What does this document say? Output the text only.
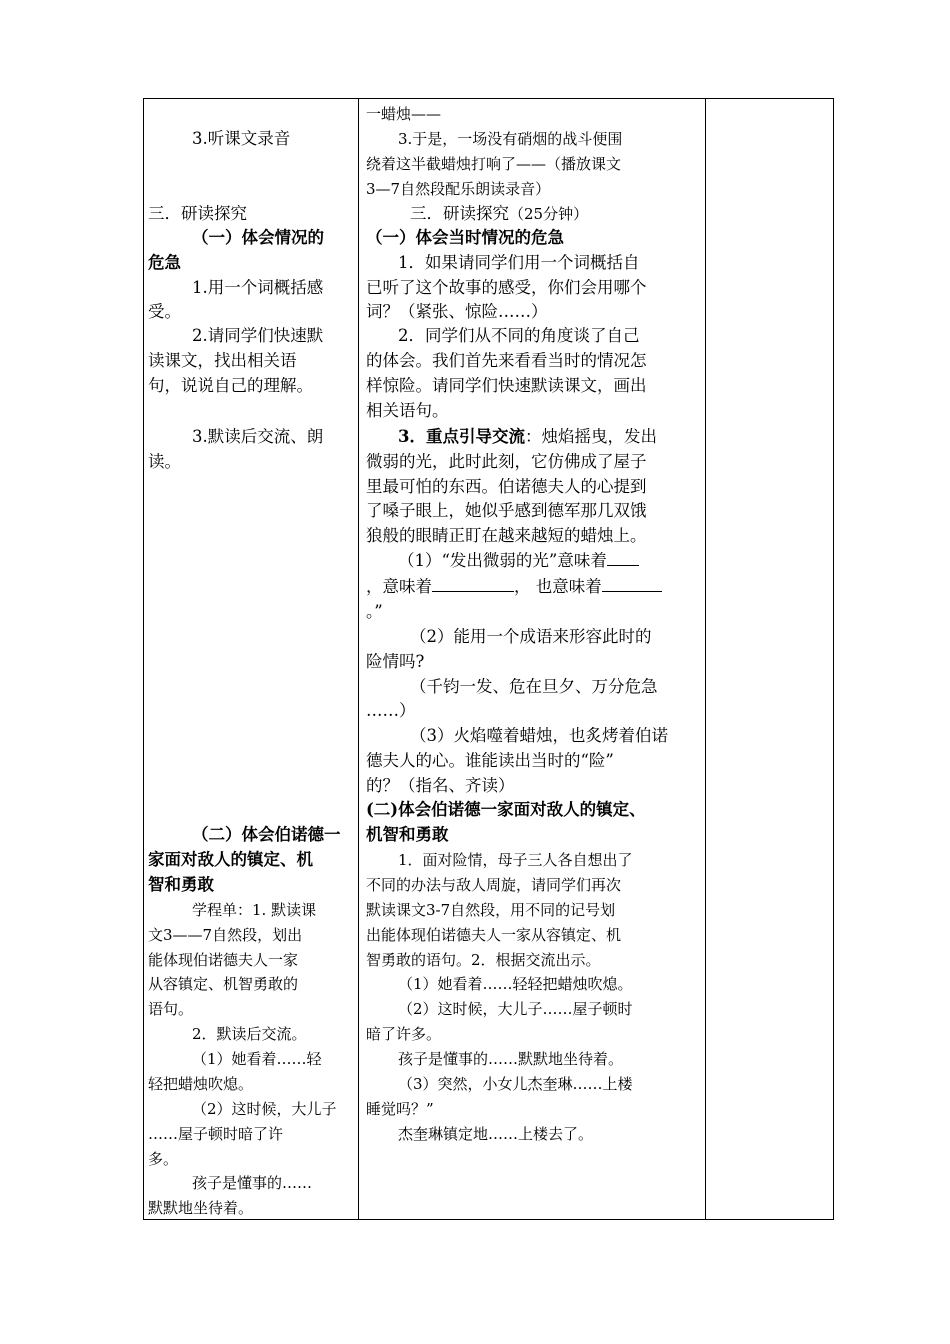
3.听课文录音
三．研读探究
（一）体会情况的
危急
1.用一个词概括感
受。
2.请同学们快速默
读课文，找出相关语
句，说说自己的理解。
3.默读后交流、朗
读。
（二）体会伯诺德一
家面对敌人的镇定、机
智和勇敢
学程单：1. 默读课
文3——7自然段，划出
能体现伯诺德夫人一家
从容镇定、机智勇敢的
语句。
2．默读后交流。
（1）她看着……轻
轻把蜡烛吹熄。
（2）这时候，大儿子
……屋子顿时暗了许
多。
孩子是懂事的……
默默地坐待着。
一蜡烛——
3.于是，一场没有硝烟的战斗便围
绕着这半截蜡烛打响了——（播放课文
3—7自然段配乐朗读录音）
三．研读探究（25分钟）
（一）体会当时情况的危急
1．如果请同学们用一个词概括自
已听了这个故事的感受，你们会用哪个
词？（紧张、惊险……）
2．同学们从不同的角度谈了自己
的体会。我们首先来看看当时的情况怎
样惊险。请同学们快速默读课文，画出
相关语句。
3．重点引导交流：烛焰摇曳，发出
微弱的光，此时此刻，它仿佛成了屋子
里最可怕的东西。伯诺德夫人的心提到
了嗓子眼上，她似乎感到德军那几双饿
狼般的眼睛正盯在越来越短的蜡烛上。
（1）“发出微弱的光”意味着
，意味着	， 也意味着
。”
（2）能用一个成语来形容此时的
险情吗?
（千钧一发、危在旦夕、万分危急
……）
（3）火焰噬着蜡烛，也炙烤着伯诺
德夫人的心。谁能读出当时的“险”
的？（指名、齐读）
(二)体会伯诺德一家面对敌人的镇定、
机智和勇敢
1．面对险情，母子三人各自想出了
不同的办法与敌人周旋，请同学们再次
默读课文3-7自然段，用不同的记号划
出能体现伯诺德夫人一家从容镇定、机
智勇敢的语句。2．根据交流出示。
（1）她看着……轻轻把蜡烛吹熄。
（2）这时候，大儿子……屋子顿时
暗了许多。
孩子是懂事的……默默地坐待着。
（3）突然，小女儿杰奎琳……上楼
睡觉吗？”
杰奎琳镇定地……上楼去了。
